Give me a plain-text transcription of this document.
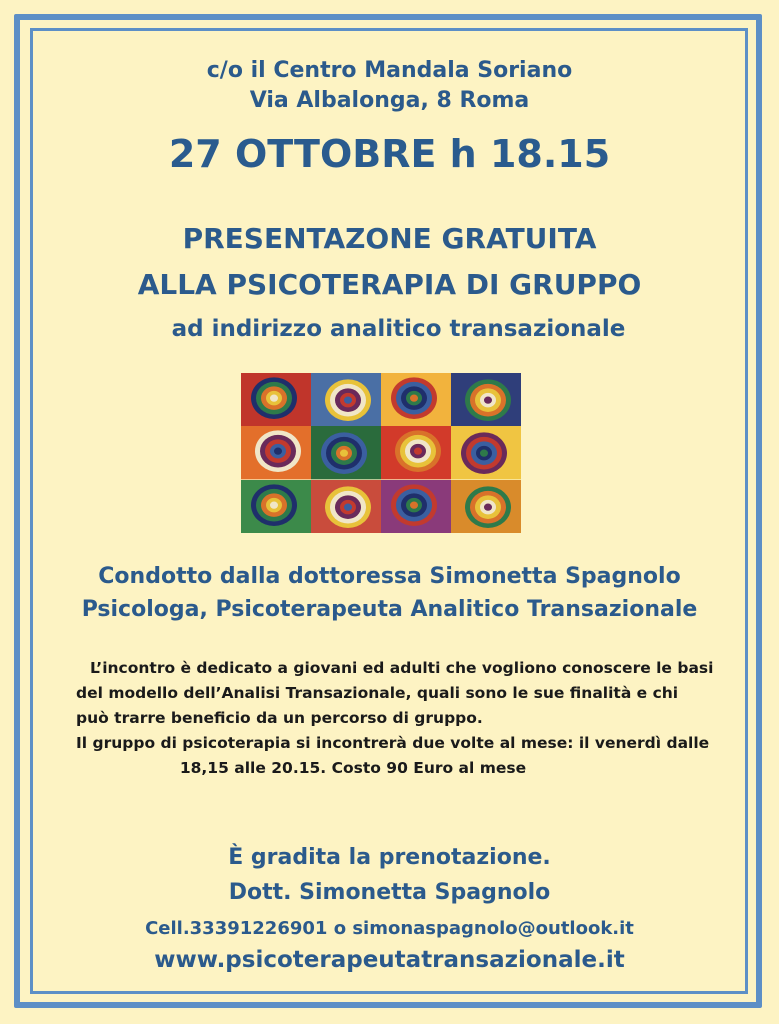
c/o il Centro Mandala Soriano
Via Albalonga, 8 Roma
27 OTTOBRE h 18.15
PRESENTAZONE GRATUITA
ALLA PSICOTERAPIA DI GRUPPO
ad indirizzo analitico transazionale
Condotto dalla dottoressa Simonetta Spagnolo
Psicologa, Psicoterapeuta Analitico Transazionale

L’incontro è dedicato a giovani ed adulti che vogliono conoscere le basi del modello dell’Analisi Transazionale, quali sono le sue finalità e chi può trarre beneficio da un percorso di gruppo.

Il gruppo di psicoterapia si incontrerà due volte al mese: il venerdì dalle

18,15 alle 20.15. Costo 90 Euro al mese

È gradita la prenotazione.
Dott. Simonetta Spagnolo
Cell.33391226901 o simonaspagnolo@outlook.it
www.psicoterapeutatransazionale.it
